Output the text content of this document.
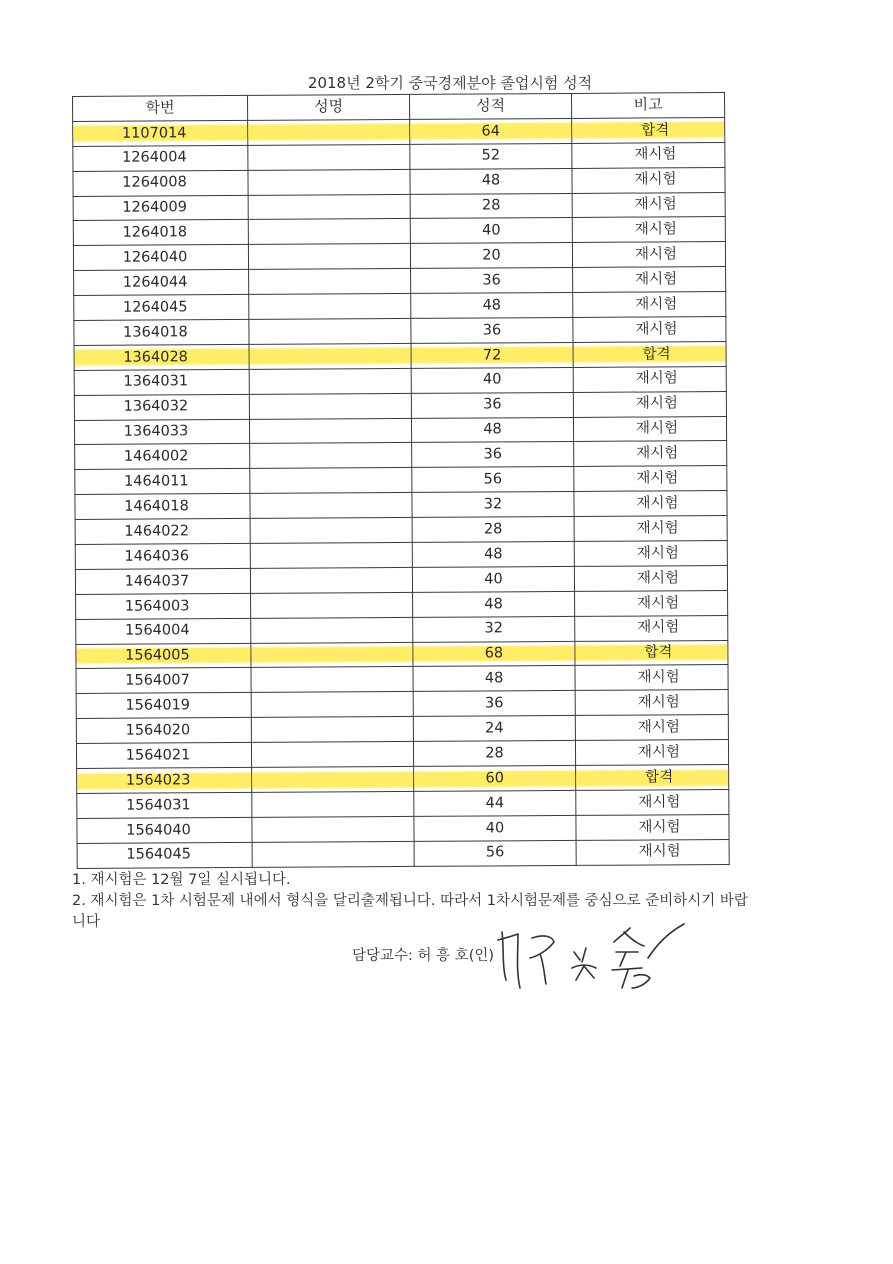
2018년 2학기 중국경제분야 졸업시험 성적
학번	성명	성적	비고
1107014		64	합격
1264004		52	재시험
1264008		48	재시험
1264009		28	재시험
1264018		40	재시험
1264040		20	재시험
1264044		36	재시험
1264045		48	재시험
1364018		36	재시험
1364028		72	합격
1364031		40	재시험
1364032		36	재시험
1364033		48	재시험
1464002		36	재시험
1464011		56	재시험
1464018		32	재시험
1464022		28	재시험
1464036		48	재시험
1464037		40	재시험
1564003		48	재시험
1564004		32	재시험
1564005		68	합격
1564007		48	재시험
1564019		36	재시험
1564020		24	재시험
1564021		28	재시험
1564023		60	합격
1564031		44	재시험
1564040		40	재시험
1564045		56	재시험

1. 재시험은 12월 7일 실시됩니다.

2. 재시험은 1차 시험문제 내에서 형식을 달리출제됩니다. 따라서 1차시험문제를 중심으로 준비하시기 바랍니다

담당교수: 허 흥 호(인)
